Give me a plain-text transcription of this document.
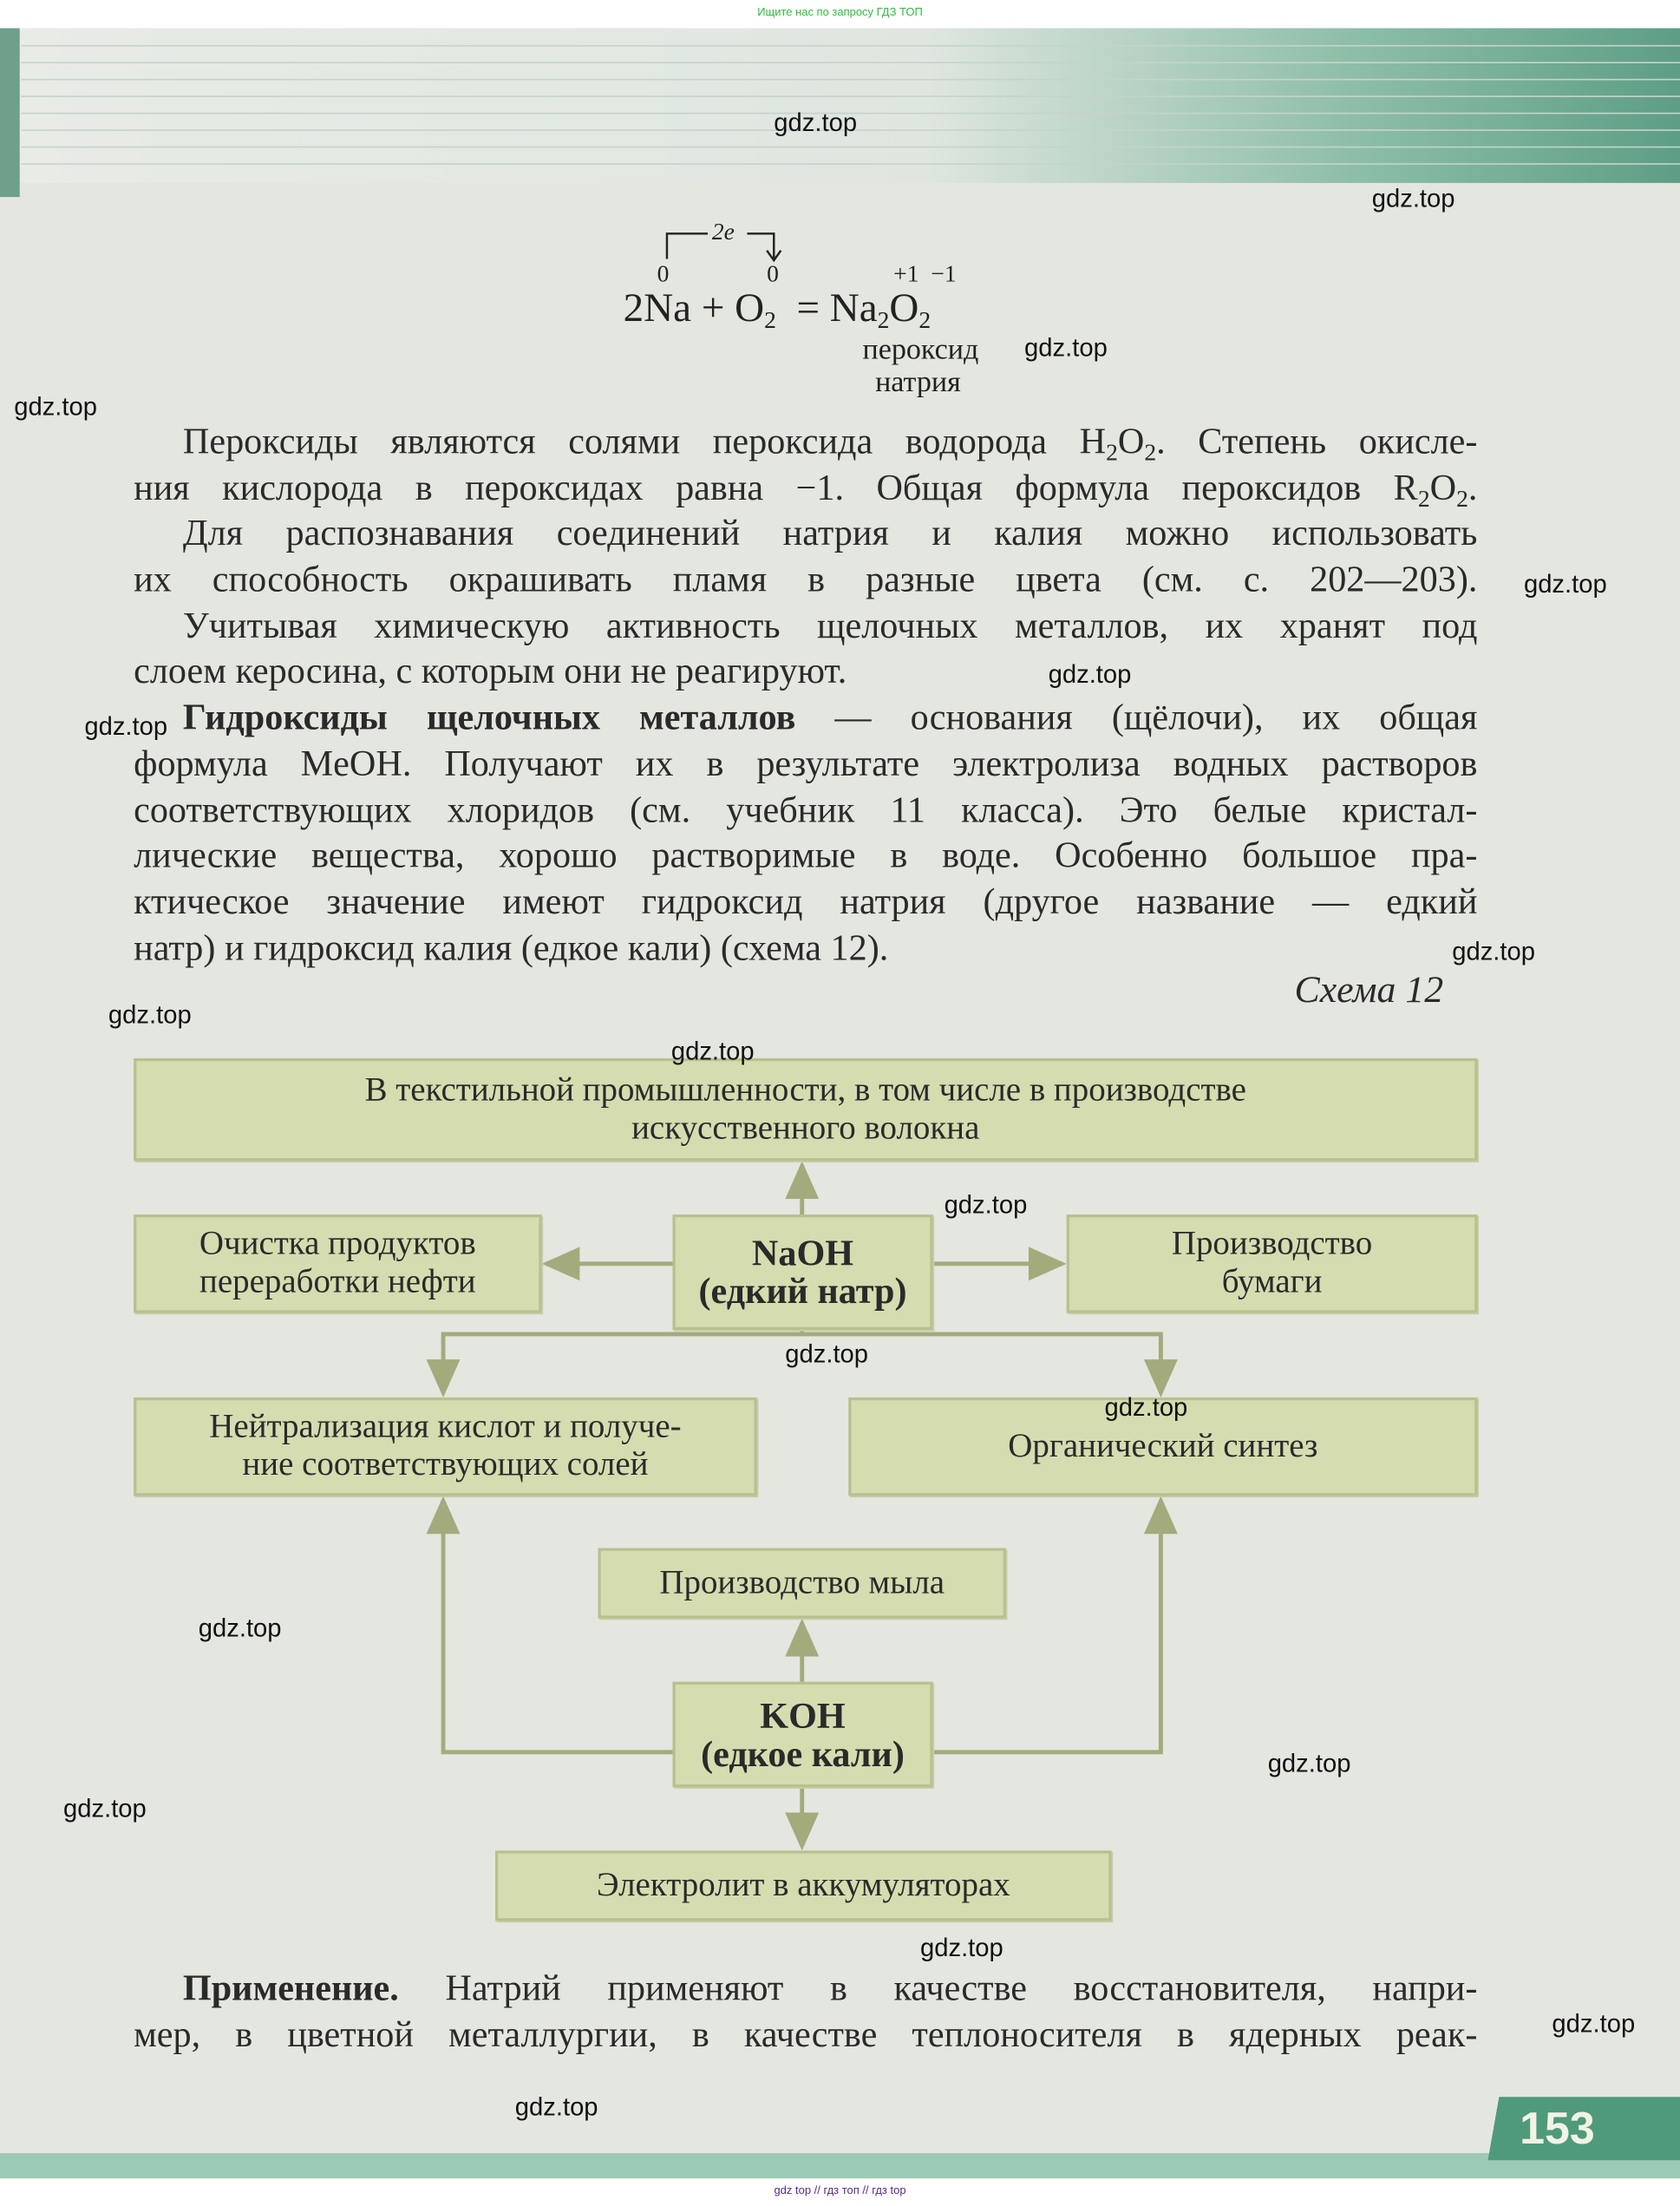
Ищите нас по запросу ГДЗ ТОП
153
2e
0	0	+1  −1
$2Na + O_2 = Na_2O_2$
пероксид
натрия
Пероксиды являются солями пероксида водорода $H_2O_2$. Степень окисле-
ния кислорода в пероксидах равна −1. Общая формула пероксидов $R_2O_2$.
Для распознавания соединений натрия и калия можно использовать
их способность окрашивать пламя в разные цвета (см. с. 202—203).
Учитывая химическую активность щелочных металлов, их хранят под
слоем керосина, с которым они не реагируют.
Гидроксиды щелочных металлов — основания (щёлочи), их общая
формула MeOH. Получают их в результате электролиза водных растворов
соответствующих хлоридов (см. учебник 11 класса). Это белые кристал-
лические вещества, хорошо растворимые в воде. Особенно большое пра-
ктическое значение имеют гидроксид натрия (другое название — едкий
натр) и гидроксид калия (едкое кали) (схема 12).
Схема 12
В текстильной промышленности, в том числе в производстве
искусственного волокна
Очистка продуктов
переработки нефти
NaOH
(едкий натр)
Производство
бумаги
Нейтрализация кислот и получе-
ние соответствующих солей
Органический синтез
Производство мыла
KOH
(едкое кали)
Электролит в аккумуляторах
Применение. Натрий применяют в качестве восстановителя, напри-
мер, в цветной металлургии, в качестве теплоносителя в ядерных реак-
gdz top // гдз топ // гдз top
gdz.top
gdz.top
gdz.top
gdz.top
gdz.top
gdz.top
gdz.top
gdz.top
gdz.top
gdz.top
gdz.top
gdz.top
gdz.top
gdz.top
gdz.top
gdz.top
gdz.top
gdz.top
gdz.top
